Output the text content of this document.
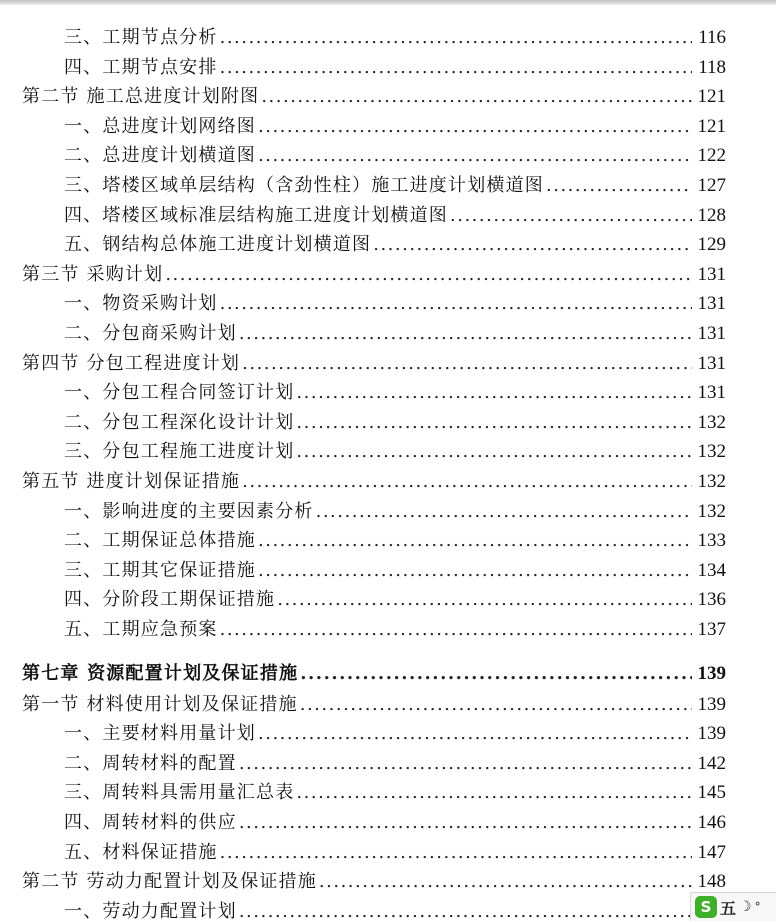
三、 工期节点分析 .....	116
四、 工期节点安排 .....	118
第二节 施工总进度计划附图 .....	121
一、 总进度计划网络图 .....	121
二、 总进度计划横道图 .....	122
三、 塔楼区域单层结构（含劲性柱）施工进度计划横道图 .....	127
四、 塔楼区域标准层结构施工进度计划横道图 .....	128
五、 钢结构总体施工进度计划横道图 .....	129
第三节 采购计划 .....	131
一、 物资采购计划 .....	131
二、 分包商采购计划 .....	131
第四节 分包工程进度计划 .....	131
一、 分包工程合同签订计划 .....	131
二、 分包工程深化设计计划 .....	132
三、 分包工程施工进度计划 .....	132
第五节 进度计划保证措施 .....	132
一、 影响进度的主要因素分析 .....	132
二、 工期保证总体措施 .....	133
三、 工期其它保证措施 .....	134
四、 分阶段工期保证措施 .....	136
五、 工期应急预案 .....	137
第七章 资源配置计划及保证措施 .....	139
第一节 材料使用计划及保证措施 .....	139
一、 主要材料用量计划 .....	139
二、 周转材料的配置 .....	142
三、 周转料具需用量汇总表 .....	145
四、 周转材料的供应 .....	146
五、 材料保证措施 .....	147
第二节 劳动力配置计划及保证措施 .....	148
一、 劳动力配置计划 .....	S 五 ☽ °
